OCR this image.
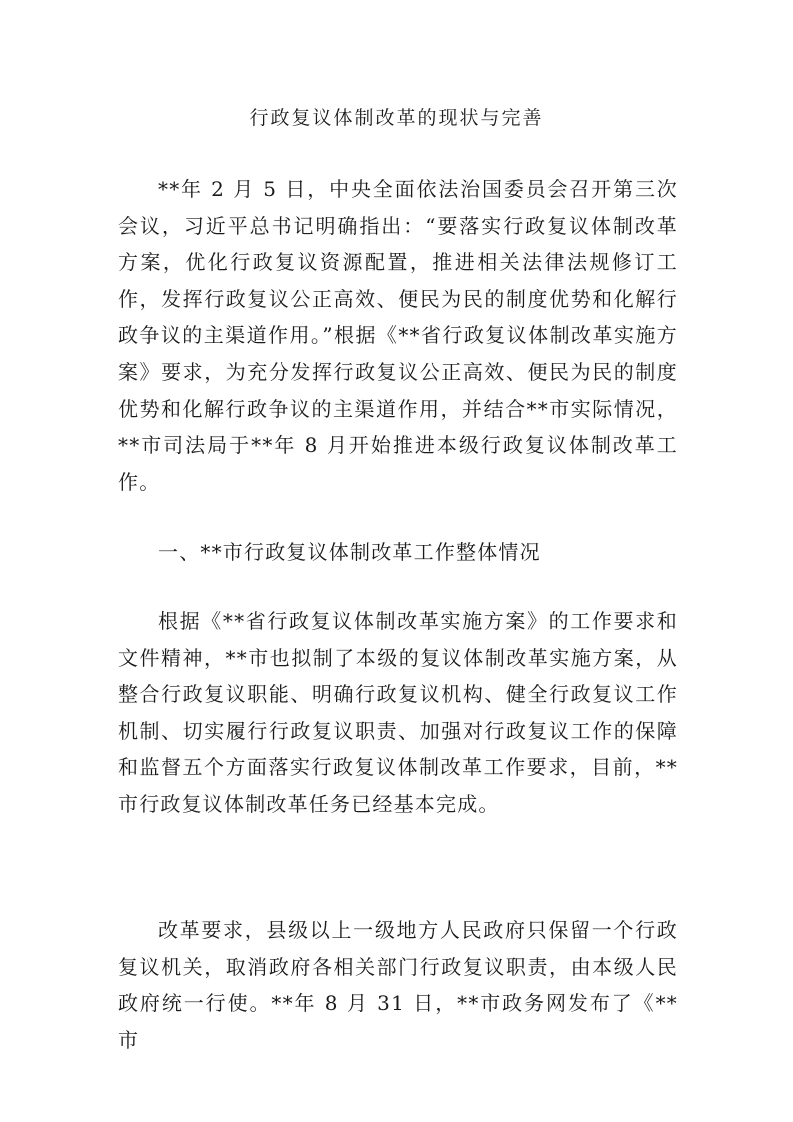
行政复议体制改革的现状与完善

**年 2 月 5 日，中央全面依法治国委员会召开第三次会议，习近平总书记明确指出：“要落实行政复议体制改革方案，优化行政复议资源配置，推进相关法律法规修订工作，发挥行政复议公正高效、便民为民的制度优势和化解行政争议的主渠道作用。”根据《**省行政复议体制改革实施方案》要求，为充分发挥行政复议公正高效、便民为民的制度优势和化解行政争议的主渠道作用，并结合**市实际情况，**市司法局于**年 8 月开始推进本级行政复议体制改革工作。

一、**市行政复议体制改革工作整体情况

根据《**省行政复议体制改革实施方案》的工作要求和文件精神，**市也拟制了本级的复议体制改革实施方案，从整合行政复议职能、明确行政复议机构、健全行政复议工作机制、切实履行行政复议职责、加强对行政复议工作的保障和监督五个方面落实行政复议体制改革工作要求，目前，**市行政复议体制改革任务已经基本完成。

改革要求，县级以上一级地方人民政府只保留一个行政复议机关，取消政府各相关部门行政复议职责，由本级人民政府统一行使。**年 8 月 31 日，**市政务网发布了《**市
